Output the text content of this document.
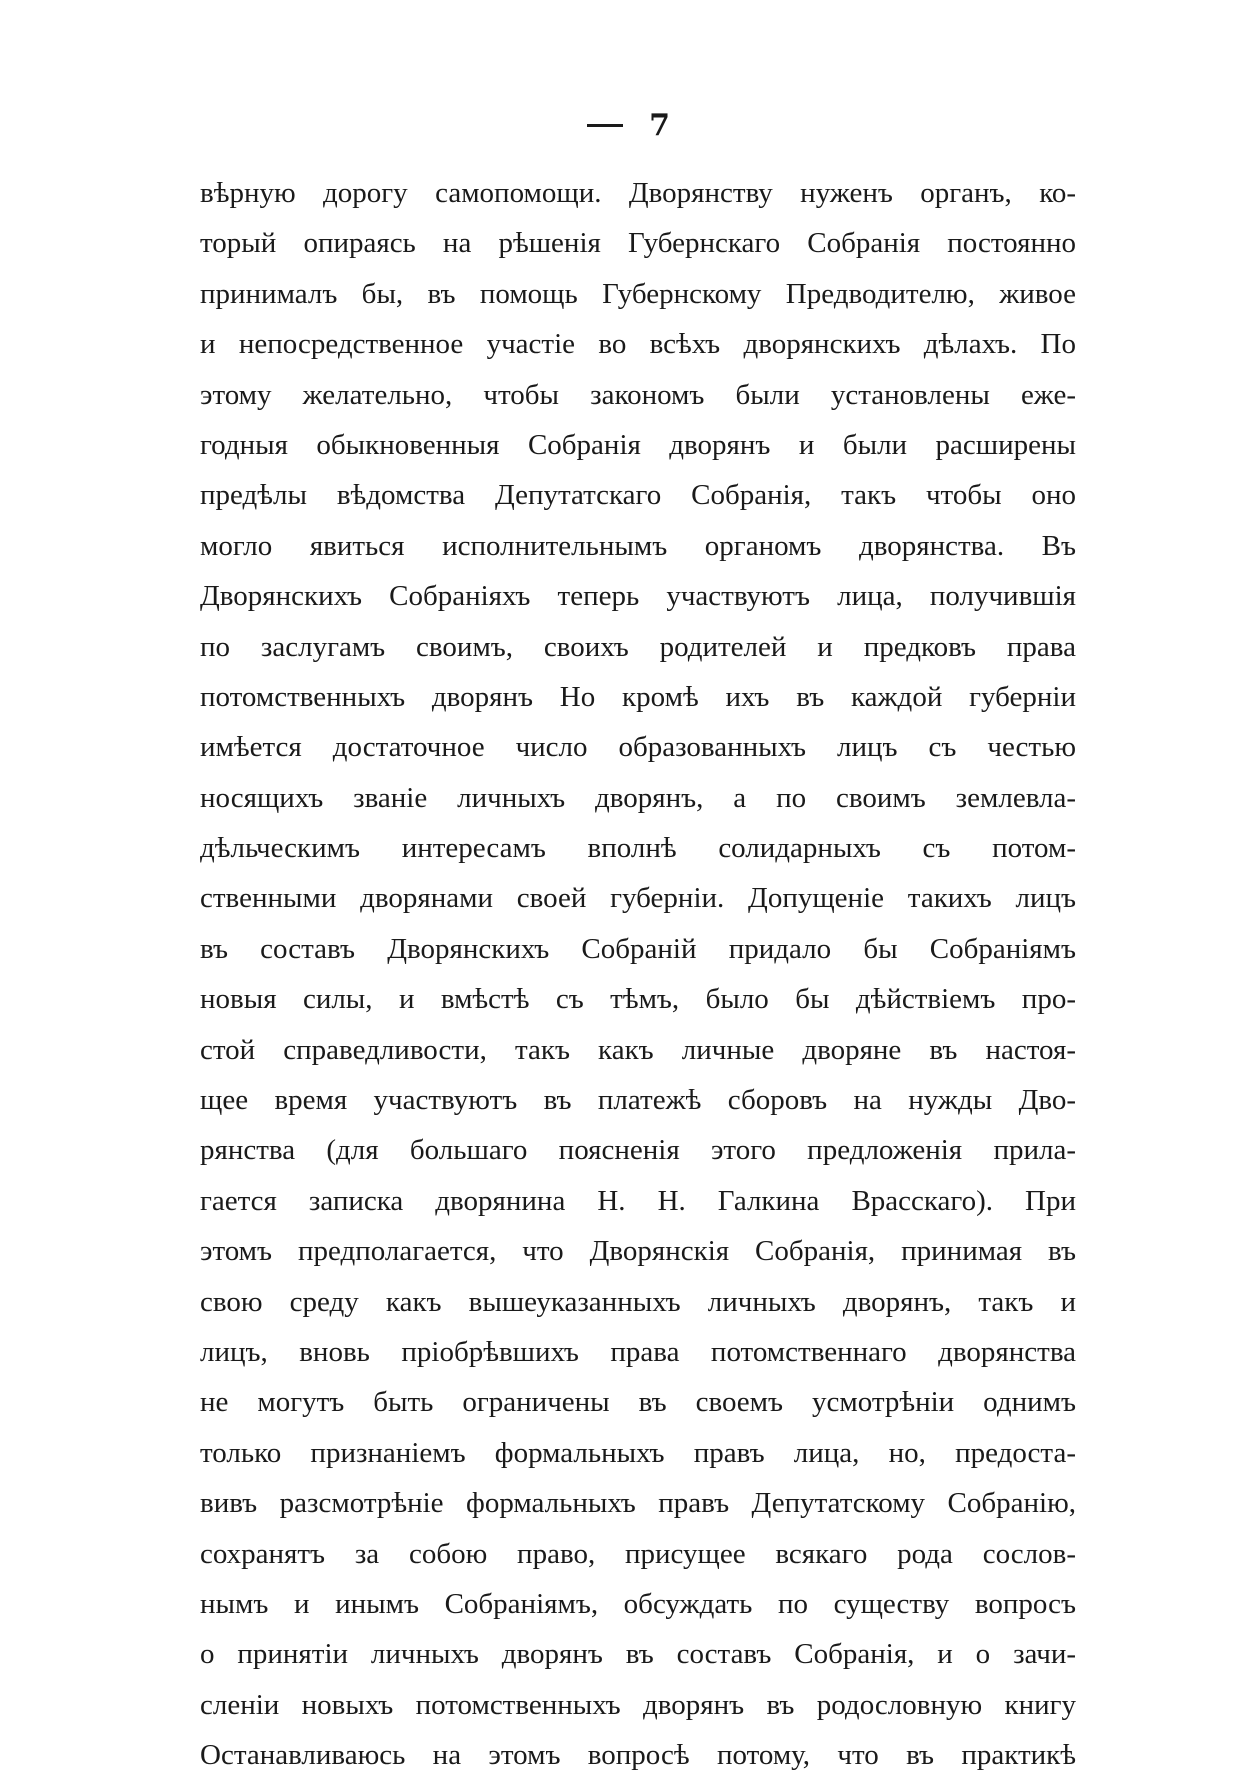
7
вѣрную дорогу самопомощи. Дворянству нуженъ органъ, ко-
торый опираясь на рѣшенія Губернскаго Собранія постоянно
принималъ бы, въ помощь Губернскому Предводителю, живое
и непосредственное участіе во всѣхъ дворянскихъ дѣлахъ. По
этому желательно, чтобы закономъ были установлены еже-
годныя обыкновенныя Собранія дворянъ и были расширены
предѣлы вѣдомства Депутатскаго Собранія, такъ чтобы оно
могло явиться исполнительнымъ органомъ дворянства. Въ
Дворянскихъ Собраніяхъ теперь участвуютъ лица, получившія
по заслугамъ своимъ, своихъ родителей и предковъ права
потомственныхъ дворянъ Но кромѣ ихъ въ каждой губерніи
имѣется достаточное число образованныхъ лицъ съ честью
носящихъ званіе личныхъ дворянъ, а по своимъ землевла-
дѣльческимъ интересамъ вполнѣ солидарныхъ съ потом-
ственными дворянами своей губерніи. Допущеніе такихъ лицъ
въ составъ Дворянскихъ Собраній придало бы Собраніямъ
новыя силы, и вмѣстѣ съ тѣмъ, было бы дѣйствіемъ про-
стой справедливости, такъ какъ личные дворяне въ настоя-
щее время участвуютъ въ платежѣ сборовъ на нужды Дво-
рянства (для большаго поясненія этого предложенія прила-
гается записка дворянина Н. Н. Галкина Врасскаго). При
этомъ предполагается, что Дворянскія Собранія, принимая въ
свою среду какъ вышеуказанныхъ личныхъ дворянъ, такъ и
лицъ, вновь пріобрѣвшихъ права потомственнаго дворянства
не могутъ быть ограничены въ своемъ усмотрѣніи однимъ
только признаніемъ формальныхъ правъ лица, но, предоста-
вивъ разсмотрѣніе формальныхъ правъ Депутатскому Собранію,
сохранятъ за собою право, присущее всякаго рода сослов-
нымъ и инымъ Собраніямъ, обсуждать по существу вопросъ
о принятіи личныхъ дворянъ въ составъ Собранія, и о зачи-
сленіи новыхъ потомственныхъ дворянъ въ родословную книгу
Останавливаюсь на этомъ вопросѣ потому, что въ практикѣ
